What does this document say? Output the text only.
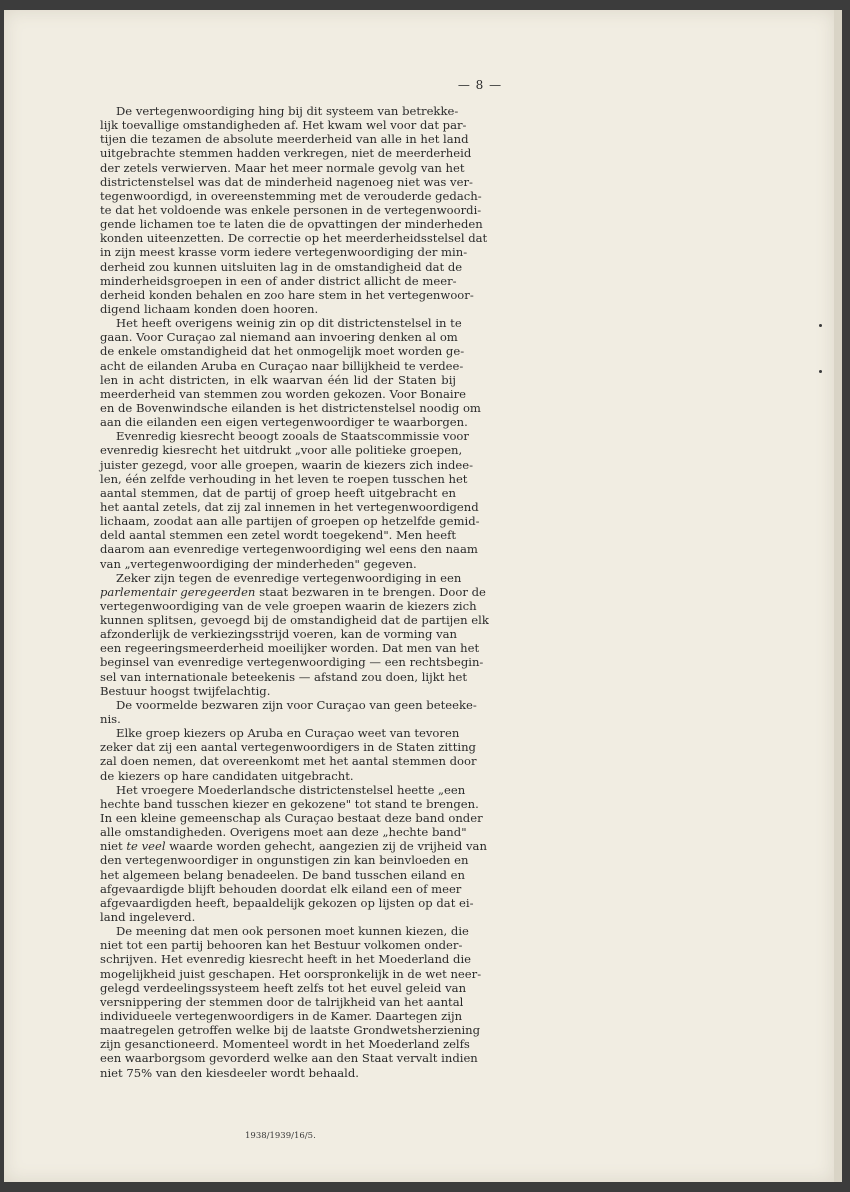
— 8 —
De vertegenwoordiging hing bij dit systeem van betrekke-
lijk toevallige omstandigheden af. Het kwam wel voor dat par-
tijen die tezamen de absolute meerderheid van alle in het land
uitgebrachte stemmen hadden verkregen, niet de meerderheid
der zetels verwierven. Maar het meer normale gevolg van het
districtenstelsel was dat de minderheid nagenoeg niet was ver-
tegenwoordigd, in overeenstemming met de verouderde gedach-
te dat het voldoende was enkele personen in de vertegenwoordi-
gende lichamen toe te laten die de opvattingen der minderheden
konden uiteenzetten. De correctie op het meerderheidsstelsel dat
in zijn meest krasse vorm iedere vertegenwoordiging der min-
derheid zou kunnen uitsluiten lag in de omstandigheid dat de
minderheidsgroepen in een of ander district allicht de meer-
derheid konden behalen en zoo hare stem in het vertegenwoor-
digend lichaam konden doen hooren.
Het heeft overigens weinig zin op dit districtenstelsel in te
gaan. Voor Curaçao zal niemand aan invoering denken al om
de enkele omstandigheid dat het onmogelijk moet worden ge-
acht de eilanden Aruba en Curaçao naar billijkheid te verdee-
len in acht districten, in elk waarvan één lid der Staten bij
meerderheid van stemmen zou worden gekozen. Voor Bonaire
en de Bovenwindsche eilanden is het districtenstelsel noodig om
aan die eilanden een eigen vertegenwoordiger te waarborgen.
Evenredig kiesrecht beoogt zooals de Staatscommissie voor
evenredig kiesrecht het uitdrukt „voor alle politieke groepen,
juister gezegd, voor alle groepen, waarin de kiezers zich indee-
len, één zelfde verhouding in het leven te roepen tusschen het
aantal stemmen, dat de partij of groep heeft uitgebracht en
het aantal zetels, dat zij zal innemen in het vertegenwoordigend
lichaam, zoodat aan alle partijen of groepen op hetzelfde gemid-
deld aantal stemmen een zetel wordt toegekend". Men heeft
daarom aan evenredige vertegenwoordiging wel eens den naam
van „vertegenwoordiging der minderheden" gegeven.
Zeker zijn tegen de evenredige vertegenwoordiging in een
parlementair geregeerden staat bezwaren in te brengen. Door de
vertegenwoordiging van de vele groepen waarin de kiezers zich
kunnen splitsen, gevoegd bij de omstandigheid dat de partijen elk
afzonderlijk de verkiezingsstrijd voeren, kan de vorming van
een regeeringsmeerderheid moeilijker worden. Dat men van het
beginsel van evenredige vertegenwoordiging — een rechtsbegin-
sel van internationale beteekenis — afstand zou doen, lijkt het
Bestuur hoogst twijfelachtig.
De voormelde bezwaren zijn voor Curaçao van geen beteeke-
nis.
Elke groep kiezers op Aruba en Curaçao weet van tevoren
zeker dat zij een aantal vertegenwoordigers in de Staten zitting
zal doen nemen, dat overeenkomt met het aantal stemmen door
de kiezers op hare candidaten uitgebracht.
Het vroegere Moederlandsche districtenstelsel heette „een
hechte band tusschen kiezer en gekozene" tot stand te brengen.
In een kleine gemeenschap als Curaçao bestaat deze band onder
alle omstandigheden. Overigens moet aan deze „hechte band"
niet te veel waarde worden gehecht, aangezien zij de vrijheid van
den vertegenwoordiger in ongunstigen zin kan beinvloeden en
het algemeen belang benadeelen. De band tusschen eiland en
afgevaardigde blijft behouden doordat elk eiland een of meer
afgevaardigden heeft, bepaaldelijk gekozen op lijsten op dat ei-
land ingeleverd.
De meening dat men ook personen moet kunnen kiezen, die
niet tot een partij behooren kan het Bestuur volkomen onder-
schrijven. Het evenredig kiesrecht heeft in het Moederland die
mogelijkheid juist geschapen. Het oorspronkelijk in de wet neer-
gelegd verdeelingssysteem heeft zelfs tot het euvel geleid van
versnippering der stemmen door de talrijkheid van het aantal
individueele vertegenwoordigers in de Kamer. Daartegen zijn
maatregelen getroffen welke bij de laatste Grondwetsherziening
zijn gesanctioneerd. Momenteel wordt in het Moederland zelfs
een waarborgsom gevorderd welke aan den Staat vervalt indien
niet 75% van den kiesdeeler wordt behaald.
1938/1939/16/5.
